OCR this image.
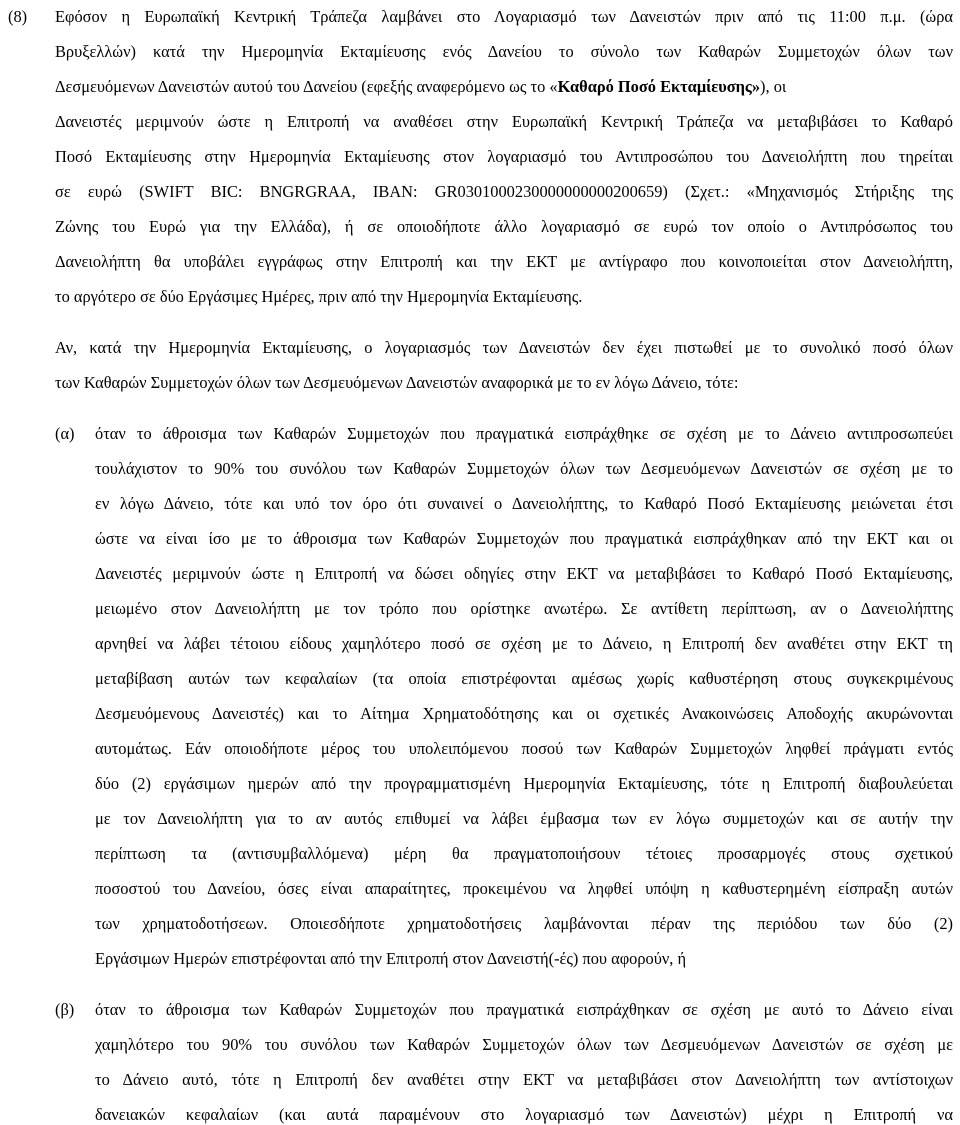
(8) Εφόσον η Ευρωπαϊκή Κεντρική Τράπεζα λαμβάνει στο Λογαριασμό των Δανειστών πριν από τις 11:00 π.μ. (ώρα
Βρυξελλών) κατά την Ημερομηνία Εκταμίευσης ενός Δανείου το σύνολο των Καθαρών Συμμετοχών όλων των
Δεσμευόμενων Δανειστών αυτού του Δανείου (εφεξής αναφερόμενο ως το «Καθαρό Ποσό Εκταμίευσης»), οι
Δανειστές μεριμνούν ώστε η Επιτροπή να αναθέσει στην Ευρωπαϊκή Κεντρική Τράπεζα να μεταβιβάσει το Καθαρό
Ποσό Εκταμίευσης στην Ημερομηνία Εκταμίευσης στον λογαριασμό του Αντιπροσώπου του Δανειολήπτη που τηρείται
σε ευρώ (SWIFT BIC: BNGRGRAA, IBAN: GR0301000230000000000200659) (Σχετ.: «Μηχανισμός Στήριξης της
Ζώνης του Ευρώ για την Ελλάδα), ή σε οποιοδήποτε άλλο λογαριασμό σε ευρώ τον οποίο ο Αντιπρόσωπος του
Δανειολήπτη θα υποβάλει εγγράφως στην Επιτροπή και την ΕΚΤ με αντίγραφο που κοινοποιείται στον Δανειολήπτη,
το αργότερο σε δύο Εργάσιμες Ημέρες, πριν από την Ημερομηνία Εκταμίευσης.
Αν, κατά την Ημερομηνία Εκταμίευσης, ο λογαριασμός των Δανειστών δεν έχει πιστωθεί με το συνολικό ποσό όλων
των Καθαρών Συμμετοχών όλων των Δεσμευόμενων Δανειστών αναφορικά με το εν λόγω Δάνειο, τότε:
(α) όταν το άθροισμα των Καθαρών Συμμετοχών που πραγματικά εισπράχθηκε σε σχέση με το Δάνειο αντιπροσωπεύει
τουλάχιστον το 90% του συνόλου των Καθαρών Συμμετοχών όλων των Δεσμευόμενων Δανειστών σε σχέση με το
εν λόγω Δάνειο, τότε και υπό τον όρο ότι συναινεί ο Δανειολήπτης, το Καθαρό Ποσό Εκταμίευσης μειώνεται έτσι
ώστε να είναι ίσο με το άθροισμα των Καθαρών Συμμετοχών που πραγματικά εισπράχθηκαν από την ΕΚΤ και οι
Δανειστές μεριμνούν ώστε η Επιτροπή να δώσει οδηγίες στην ΕΚΤ να μεταβιβάσει το Καθαρό Ποσό Εκταμίευσης,
μειωμένο στον Δανειολήπτη με τον τρόπο που ορίστηκε ανωτέρω. Σε αντίθετη περίπτωση, αν ο Δανειολήπτης
αρνηθεί να λάβει τέτοιου είδους χαμηλότερο ποσό σε σχέση με το Δάνειο, η Επιτροπή δεν αναθέτει στην ΕΚΤ τη
μεταβίβαση αυτών των κεφαλαίων (τα οποία επιστρέφονται αμέσως χωρίς καθυστέρηση στους συγκεκριμένους
Δεσμευόμενους Δανειστές) και το Αίτημα Χρηματοδότησης και οι σχετικές Ανακοινώσεις Αποδοχής ακυρώνονται
αυτομάτως. Εάν οποιοδήποτε μέρος του υπολειπόμενου ποσού των Καθαρών Συμμετοχών ληφθεί πράγματι εντός
δύο (2) εργάσιμων ημερών από την προγραμματισμένη Ημερομηνία Εκταμίευσης, τότε η Επιτροπή διαβουλεύεται
με τον Δανειολήπτη για το αν αυτός επιθυμεί να λάβει έμβασμα των εν λόγω συμμετοχών και σε αυτήν την
περίπτωση τα (αντισυμβαλλόμενα) μέρη θα πραγματοποιήσουν τέτοιες προσαρμογές στους σχετικού
ποσοστού του Δανείου, όσες είναι απαραίτητες, προκειμένου να ληφθεί υπόψη η καθυστερημένη είσπραξη αυτών
των χρηματοδοτήσεων. Οποιεσδήποτε χρηματοδοτήσεις λαμβάνονται πέραν της περιόδου των δύο (2)
Εργάσιμων Ημερών επιστρέφονται από την Επιτροπή στον Δανειστή(-ές) που αφορούν, ή
(β) όταν το άθροισμα των Καθαρών Συμμετοχών που πραγματικά εισπράχθηκαν σε σχέση με αυτό το Δάνειο είναι
χαμηλότερο του 90% του συνόλου των Καθαρών Συμμετοχών όλων των Δεσμευόμενων Δανειστών σε σχέση με
το Δάνειο αυτό, τότε η Επιτροπή δεν αναθέτει στην ΕΚΤ να μεταβιβάσει στον Δανειολήπτη των αντίστοιχων
δανειακών κεφαλαίων (και αυτά παραμένουν στο λογαριασμό των Δανειστών) μέχρι η Επιτροπή να
